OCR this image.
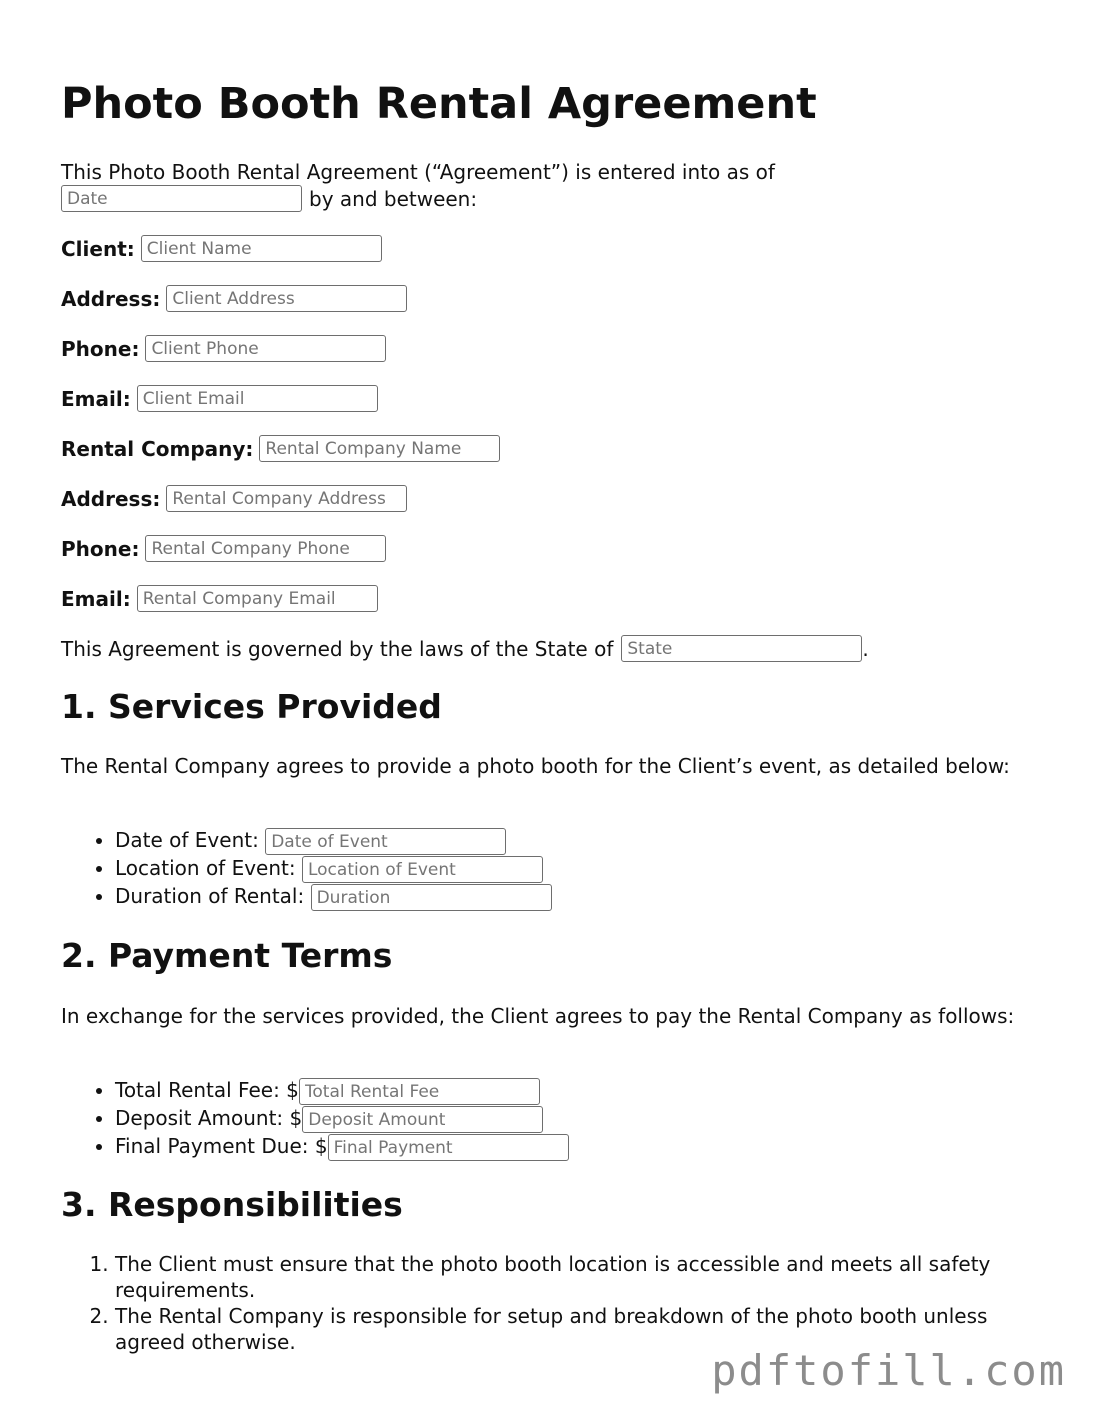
Photo Booth Rental Agreement
This Photo Booth Rental Agreement (“Agreement”) is entered into as of
Date
by and between:
Client:
Client Name
Address:
Client Address
Phone:
Client Phone
Email:
Client Email
Rental Company:
Rental Company Name
Address:
Rental Company Address
Phone:
Rental Company Phone
Email:
Rental Company Email
This Agreement is governed by the laws of the State of
State	.
1. Services Provided
The Rental Company agrees to provide a photo booth for the Client’s event, as detailed below:
• Date of Event: Date of Event
• Location of Event: Location of Event
• Duration of Rental: Duration
2. Payment Terms
In exchange for the services provided, the Client agrees to pay the Rental Company as follows:
• Total Rental Fee: $Total Rental Fee
• Deposit Amount: $Deposit Amount
• Final Payment Due: $Final Payment
3. Responsibilities
1. The Client must ensure that the photo booth location is accessible and meets all safety requirements.
2. The Rental Company is responsible for setup and breakdown of the photo booth unless agreed otherwise.
pdftofill.com
